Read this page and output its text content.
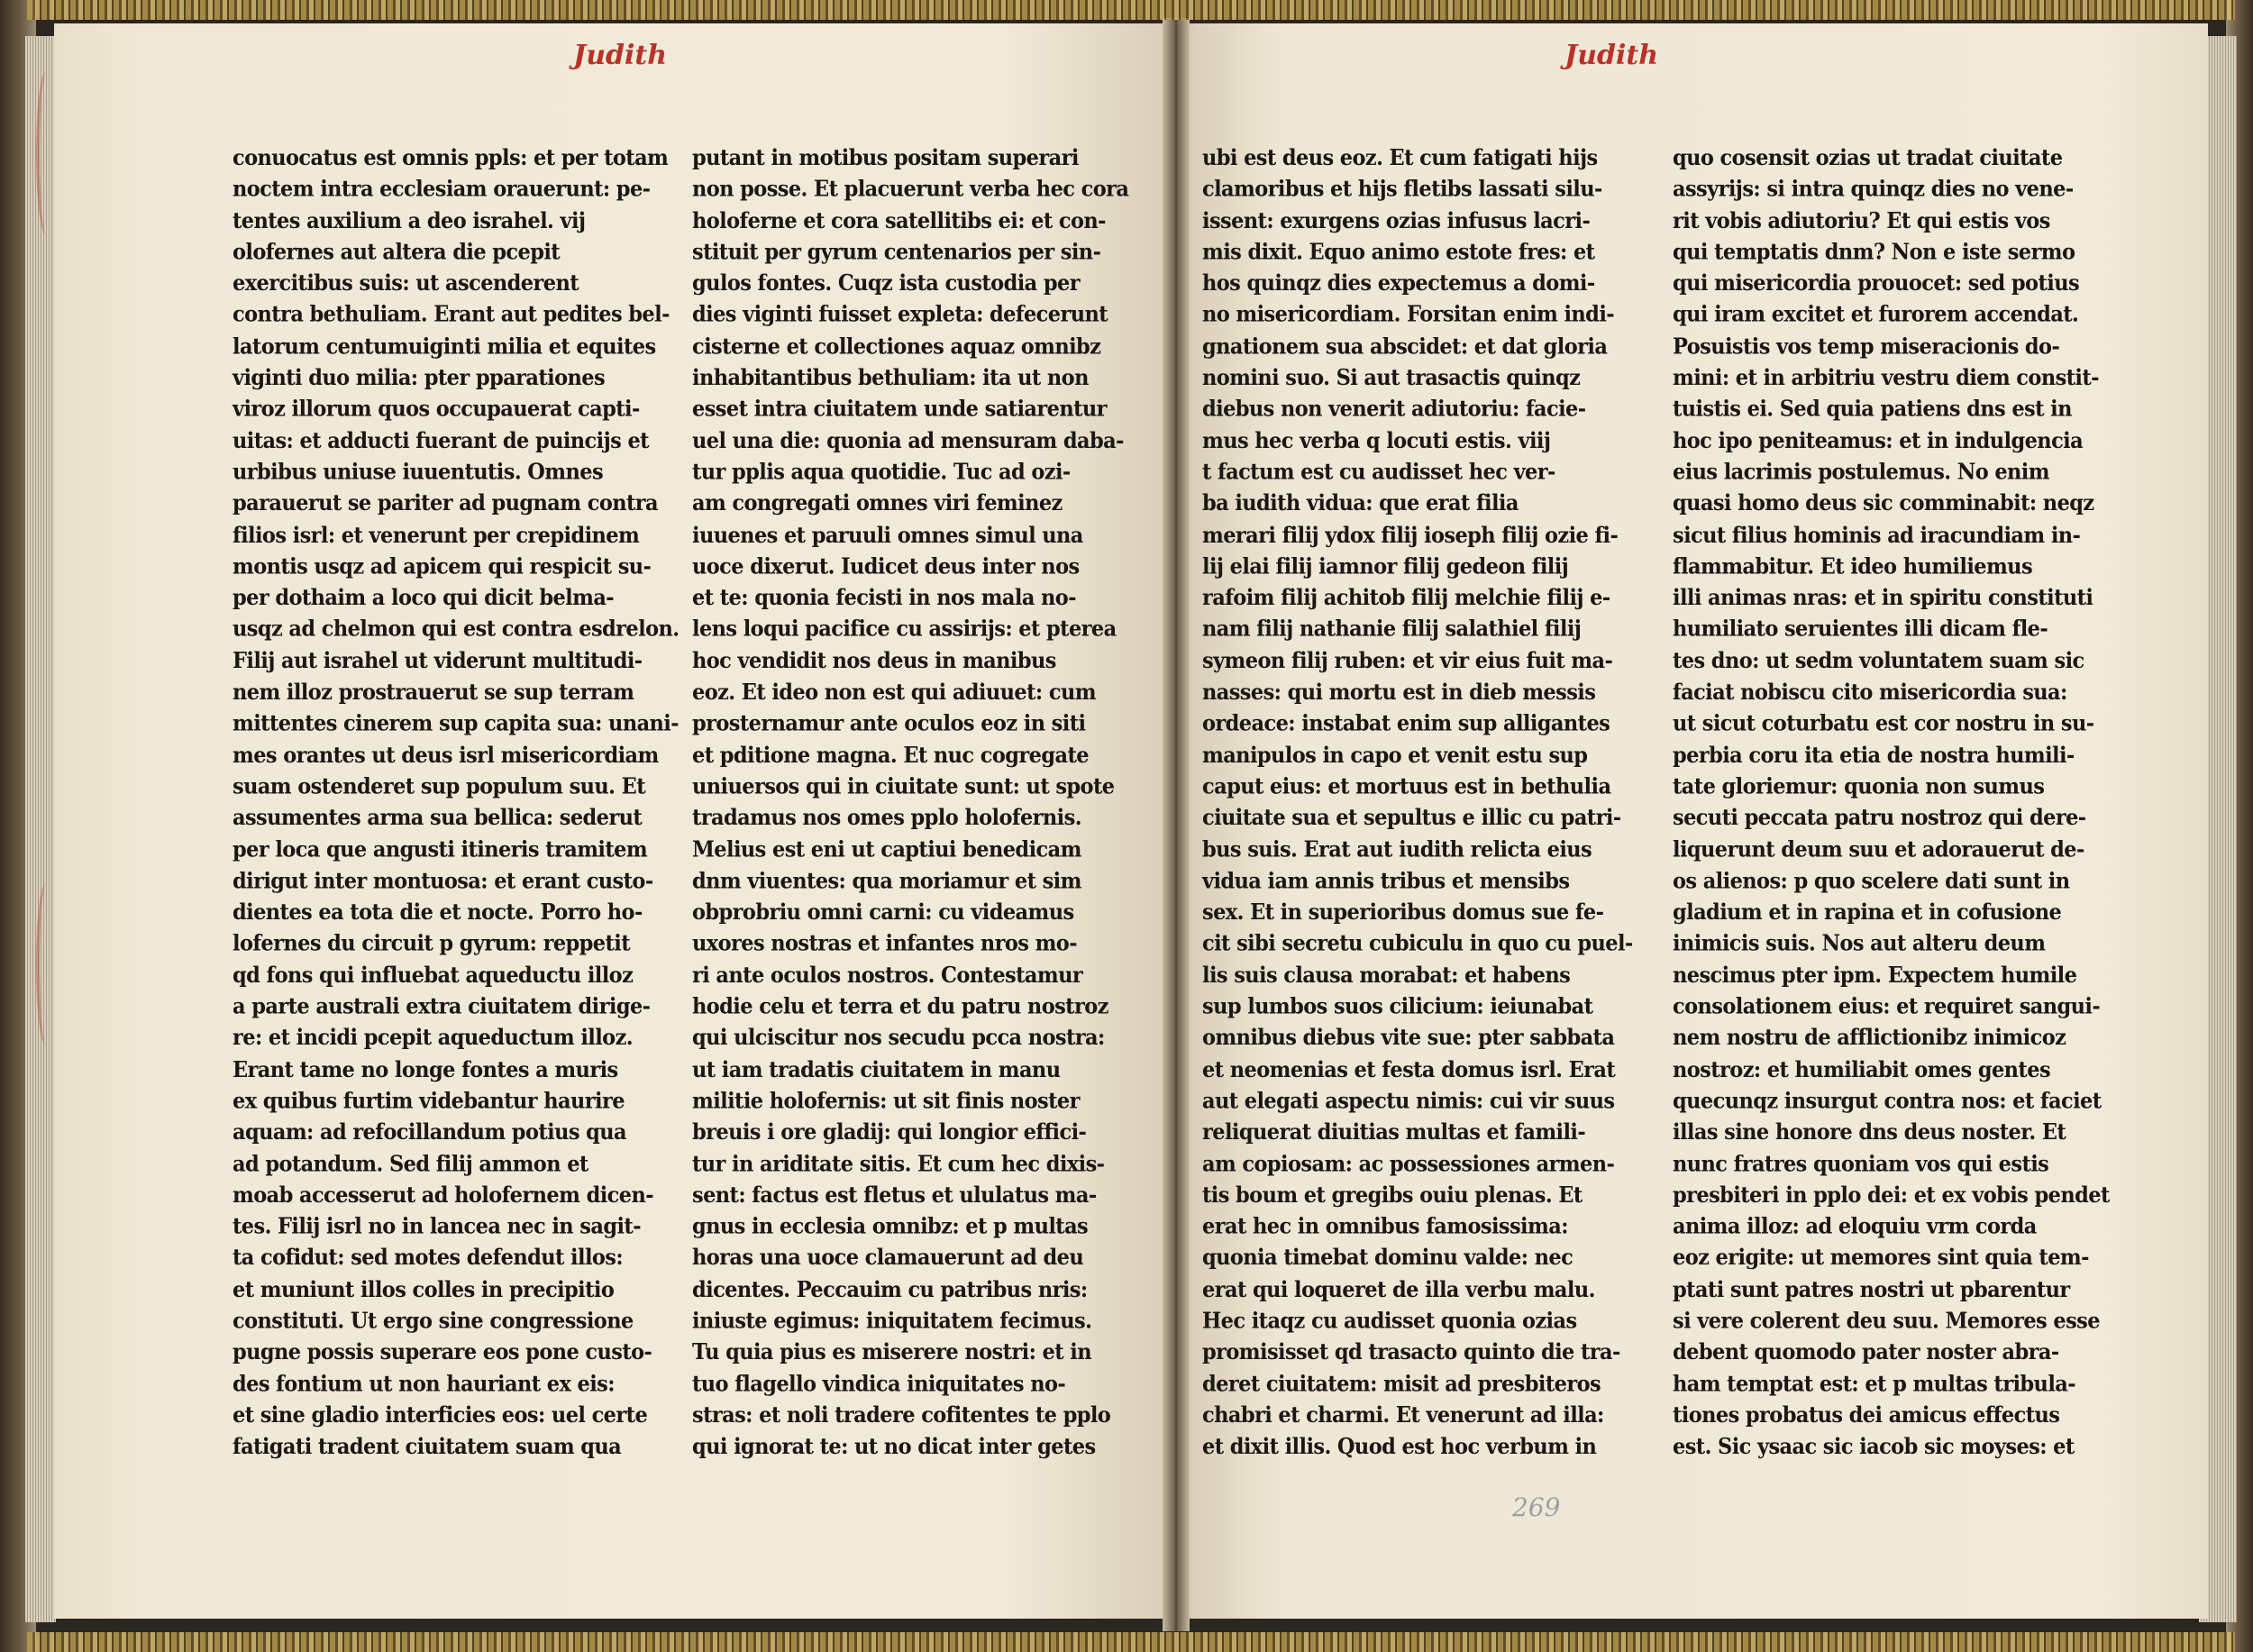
Judith	Judith
269
conuocatus est omnis ppls: et per totam
noctem intra ecclesiam orauerunt: pe-
tentes auxilium a deo israhel. vij
olofernes aut altera die pcepit
exercitibus suis: ut ascenderent
contra bethuliam. Erant aut pedites bel-
latorum centumuiginti milia et equites
viginti duo milia: pter pparationes
viroz illorum quos occupauerat capti-
uitas: et adducti fuerant de puincijs et
urbibus uniuse iuuentutis. Omnes
parauerut se pariter ad pugnam contra
filios isrl: et venerunt per crepidinem
montis usqz ad apicem qui respicit su-
per dothaim a loco qui dicit belma-
usqz ad chelmon qui est contra esdrelon.
Filij aut israhel ut viderunt multitudi-
nem illoz prostrauerut se sup terram
mittentes cinerem sup capita sua: unani-
mes orantes ut deus isrl misericordiam
suam ostenderet sup populum suu. Et
assumentes arma sua bellica: sederut
per loca que angusti itineris tramitem
dirigut inter montuosa: et erant custo-
dientes ea tota die et nocte. Porro ho-
lofernes du circuit p gyrum: reppetit
qd fons qui influebat aqueductu illoz
a parte australi extra ciuitatem dirige-
re: et incidi pcepit aqueductum illoz.
Erant tame no longe fontes a muris
ex quibus furtim videbantur haurire
aquam: ad refocillandum potius qua
ad potandum. Sed filij ammon et
moab accesserut ad holofernem dicen-
tes. Filij isrl no in lancea nec in sagit-
ta cofidut: sed motes defendut illos:
et muniunt illos colles in precipitio
constituti. Ut ergo sine congressione
pugne possis superare eos pone custo-
des fontium ut non hauriant ex eis:
et sine gladio interficies eos: uel certe
fatigati tradent ciuitatem suam qua
putant in motibus positam superari
non posse. Et placuerunt verba hec cora
holoferne et cora satellitibs ei: et con-
stituit per gyrum centenarios per sin-
gulos fontes. Cuqz ista custodia per
dies viginti fuisset expleta: defecerunt
cisterne et collectiones aquaz omnibz
inhabitantibus bethuliam: ita ut non
esset intra ciuitatem unde satiarentur
uel una die: quonia ad mensuram daba-
tur pplis aqua quotidie. Tuc ad ozi-
am congregati omnes viri feminez
iuuenes et paruuli omnes simul una
uoce dixerut. Iudicet deus inter nos
et te: quonia fecisti in nos mala no-
lens loqui pacifice cu assirijs: et pterea
hoc vendidit nos deus in manibus
eoz. Et ideo non est qui adiuuet: cum
prosternamur ante oculos eoz in siti
et pditione magna. Et nuc cogregate
uniuersos qui in ciuitate sunt: ut spote
tradamus nos omes pplo holofernis.
Melius est eni ut captiui benedicam
dnm viuentes: qua moriamur et sim
obprobriu omni carni: cu videamus
uxores nostras et infantes nros mo-
ri ante oculos nostros. Contestamur
hodie celu et terra et du patru nostroz
qui ulciscitur nos secudu pcca nostra:
ut iam tradatis ciuitatem in manu
militie holofernis: ut sit finis noster
breuis i ore gladij: qui longior effici-
tur in ariditate sitis. Et cum hec dixis-
sent: factus est fletus et ululatus ma-
gnus in ecclesia omnibz: et p multas
horas una uoce clamauerunt ad deu
dicentes. Peccauim cu patribus nris:
iniuste egimus: iniquitatem fecimus.
Tu quia pius es miserere nostri: et in
tuo flagello vindica iniquitates no-
stras: et noli tradere cofitentes te pplo
qui ignorat te: ut no dicat inter getes
ubi est deus eoz. Et cum fatigati hijs
clamoribus et hijs fletibs lassati silu-
issent: exurgens ozias infusus lacri-
mis dixit. Equo animo estote fres: et
hos quinqz dies expectemus a domi-
no misericordiam. Forsitan enim indi-
gnationem sua abscidet: et dat gloria
nomini suo. Si aut trasactis quinqz
diebus non venerit adiutoriu: facie-
mus hec verba q locuti estis. viij
t factum est cu audisset hec ver-
ba iudith vidua: que erat filia
merari filij ydox filij ioseph filij ozie fi-
lij elai filij iamnor filij gedeon filij
rafoim filij achitob filij melchie filij e-
nam filij nathanie filij salathiel filij
symeon filij ruben: et vir eius fuit ma-
nasses: qui mortu est in dieb messis
ordeace: instabat enim sup alligantes
manipulos in capo et venit estu sup
caput eius: et mortuus est in bethulia
ciuitate sua et sepultus e illic cu patri-
bus suis. Erat aut iudith relicta eius
vidua iam annis tribus et mensibs
sex. Et in superioribus domus sue fe-
cit sibi secretu cubiculu in quo cu puel-
lis suis clausa morabat: et habens
sup lumbos suos cilicium: ieiunabat
omnibus diebus vite sue: pter sabbata
et neomenias et festa domus isrl. Erat
aut elegati aspectu nimis: cui vir suus
reliquerat diuitias multas et famili-
am copiosam: ac possessiones armen-
tis boum et gregibs ouiu plenas. Et
erat hec in omnibus famosissima:
quonia timebat dominu valde: nec
erat qui loqueret de illa verbu malu.
Hec itaqz cu audisset quonia ozias
promisisset qd trasacto quinto die tra-
deret ciuitatem: misit ad presbiteros
chabri et charmi. Et venerunt ad illa:
et dixit illis. Quod est hoc verbum in
quo cosensit ozias ut tradat ciuitate
assyrijs: si intra quinqz dies no vene-
rit vobis adiutoriu? Et qui estis vos
qui temptatis dnm? Non e iste sermo
qui misericordia prouocet: sed potius
qui iram excitet et furorem accendat.
Posuistis vos temp miseracionis do-
mini: et in arbitriu vestru diem constit-
tuistis ei. Sed quia patiens dns est in
hoc ipo peniteamus: et in indulgencia
eius lacrimis postulemus. No enim
quasi homo deus sic comminabit: neqz
sicut filius hominis ad iracundiam in-
flammabitur. Et ideo humiliemus
illi animas nras: et in spiritu constituti
humiliato seruientes illi dicam fle-
tes dno: ut sedm voluntatem suam sic
faciat nobiscu cito misericordia sua:
ut sicut coturbatu est cor nostru in su-
perbia coru ita etia de nostra humili-
tate gloriemur: quonia non sumus
secuti peccata patru nostroz qui dere-
liquerunt deum suu et adorauerut de-
os alienos: p quo scelere dati sunt in
gladium et in rapina et in cofusione
inimicis suis. Nos aut alteru deum
nescimus pter ipm. Expectem humile
consolationem eius: et requiret sangui-
nem nostru de afflictionibz inimicoz
nostroz: et humiliabit omes gentes
quecunqz insurgut contra nos: et faciet
illas sine honore dns deus noster. Et
nunc fratres quoniam vos qui estis
presbiteri in pplo dei: et ex vobis pendet
anima illoz: ad eloquiu vrm corda
eoz erigite: ut memores sint quia tem-
ptati sunt patres nostri ut pbarentur
si vere colerent deu suu. Memores esse
debent quomodo pater noster abra-
ham temptat est: et p multas tribula-
tiones probatus dei amicus effectus
est. Sic ysaac sic iacob sic moyses: et
